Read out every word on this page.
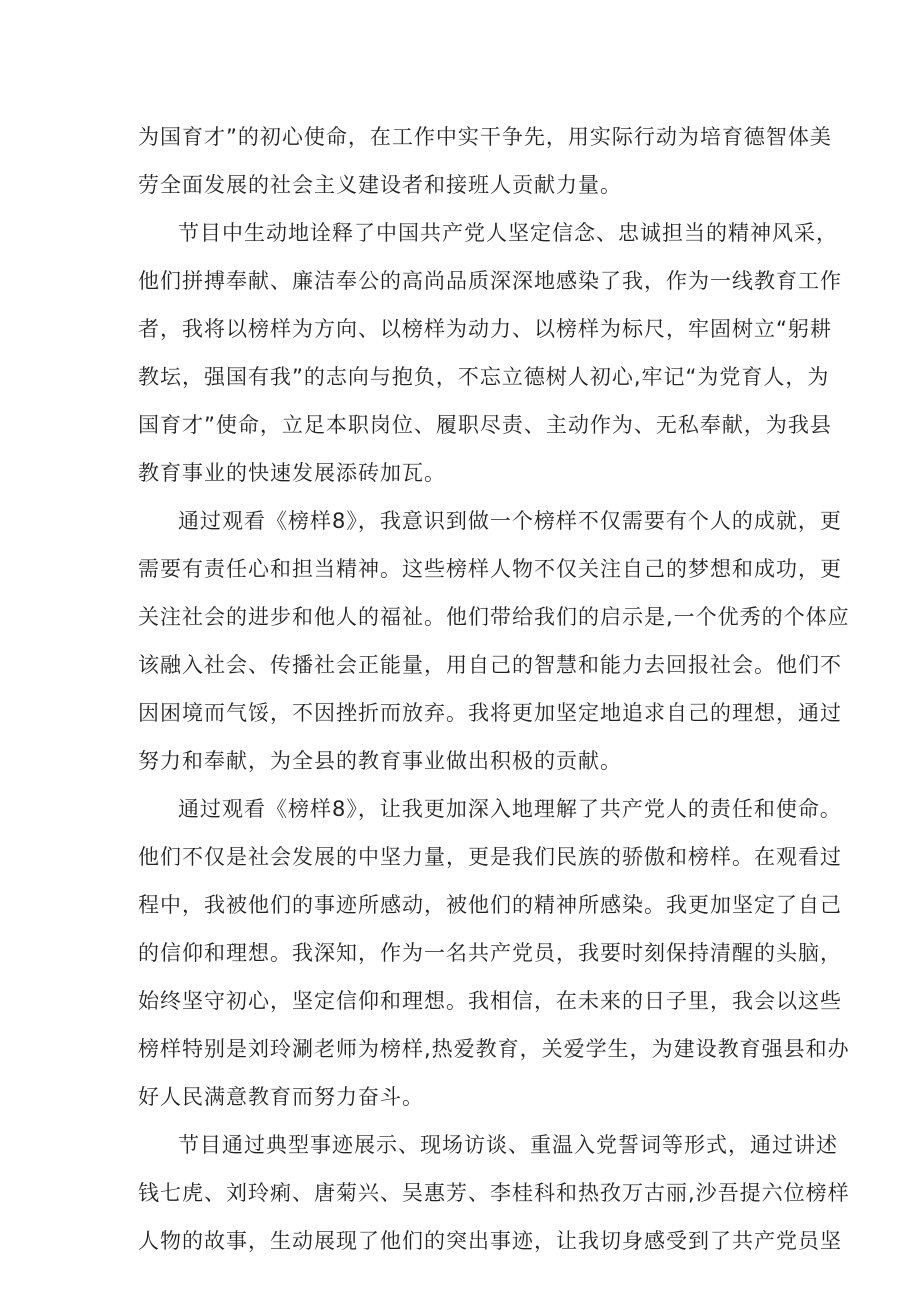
为国育才”的初心使命，在工作中实干争先，用实际行动为培育德智体美
劳全面发展的社会主义建设者和接班人贡献力量。
节目中生动地诠释了中国共产党人坚定信念、忠诚担当的精神风采，
他们拼搏奉献、廉洁奉公的高尚品质深深地感染了我，作为一线教育工作
者，我将以榜样为方向、以榜样为动力、以榜样为标尺，牢固树立“躬耕
教坛，强国有我”的志向与抱负，不忘立德树人初心,牢记“为党育人，为
国育才”使命，立足本职岗位、履职尽责、主动作为、无私奉献，为我县
教育事业的快速发展添砖加瓦。
通过观看《榜样8》，我意识到做一个榜样不仅需要有个人的成就，更
需要有责任心和担当精神。这些榜样人物不仅关注自己的梦想和成功，更
关注社会的进步和他人的福祉。他们带给我们的启示是,一个优秀的个体应
该融入社会、传播社会正能量，用自己的智慧和能力去回报社会。他们不
因困境而气馁，不因挫折而放弃。我将更加坚定地追求自己的理想，通过
努力和奉献，为全县的教育事业做出积极的贡献。
通过观看《榜样8》，让我更加深入地理解了共产党人的责任和使命。
他们不仅是社会发展的中坚力量，更是我们民族的骄傲和榜样。在观看过
程中，我被他们的事迹所感动，被他们的精神所感染。我更加坚定了自己
的信仰和理想。我深知，作为一名共产党员，我要时刻保持清醒的头脑，
始终坚守初心，坚定信仰和理想。我相信，在未来的日子里，我会以这些
榜样特别是刘玲涮老师为榜样,热爱教育，关爱学生，为建设教育强县和办
好人民满意教育而努力奋斗。
节目通过典型事迹展示、现场访谈、重温入党誓词等形式，通过讲述
钱七虎、刘玲痢、唐菊兴、吴惠芳、李桂科和热孜万古丽,沙吾提六位榜样
人物的故事，生动展现了他们的突出事迹，让我切身感受到了共产党员坚
